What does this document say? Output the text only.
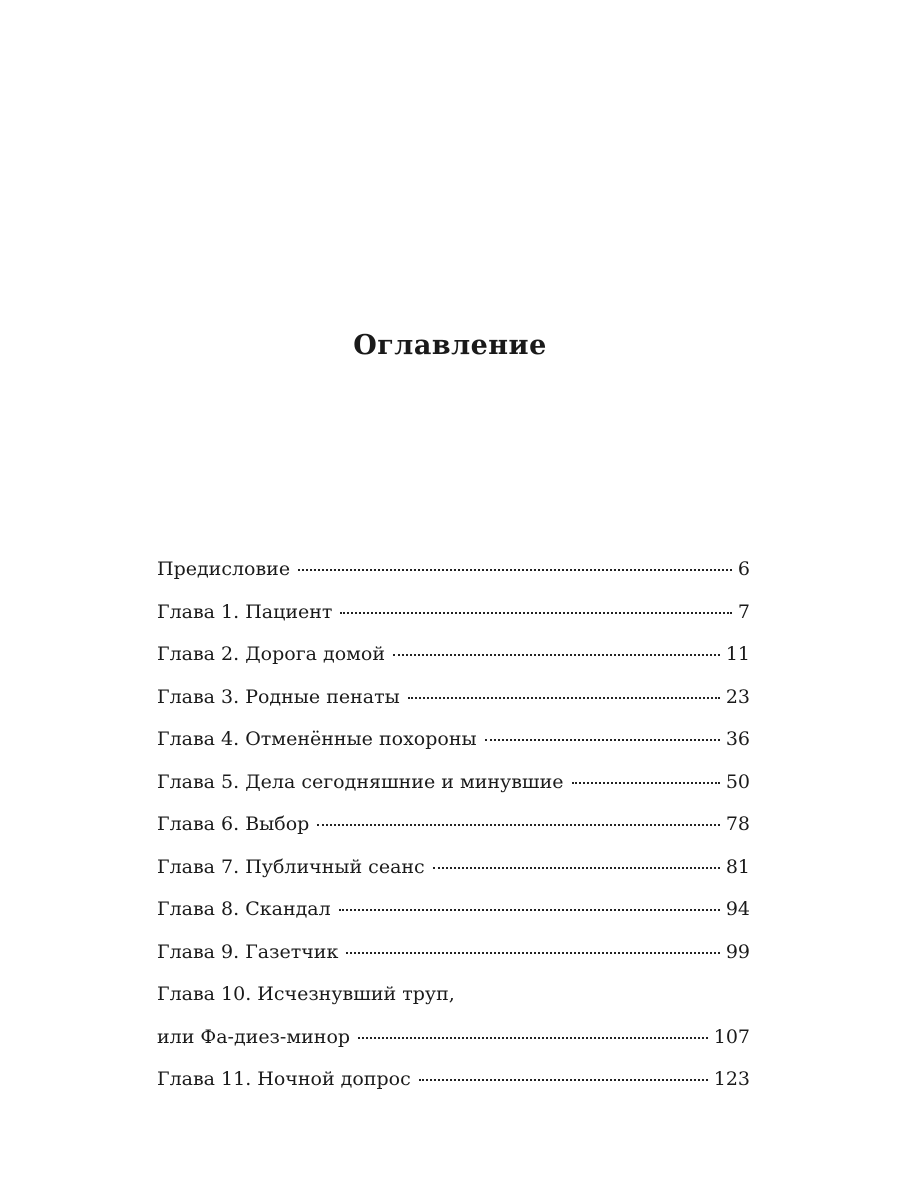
Оглавление
Предисловие	6
Глава 1. Пациент	7
Глава 2. Дорога домой	11
Глава 3. Родные пенаты	23
Глава 4. Отменённые похороны	36
Глава 5. Дела сегодняшние и минувшие	50
Глава 6. Выбор	78
Глава 7. Публичный сеанс	81
Глава 8. Скандал	94
Глава 9. Газетчик	99
Глава 10. Исчезнувший труп,
или Фа-диез-минор	107
Глава 11. Ночной допрос	123
